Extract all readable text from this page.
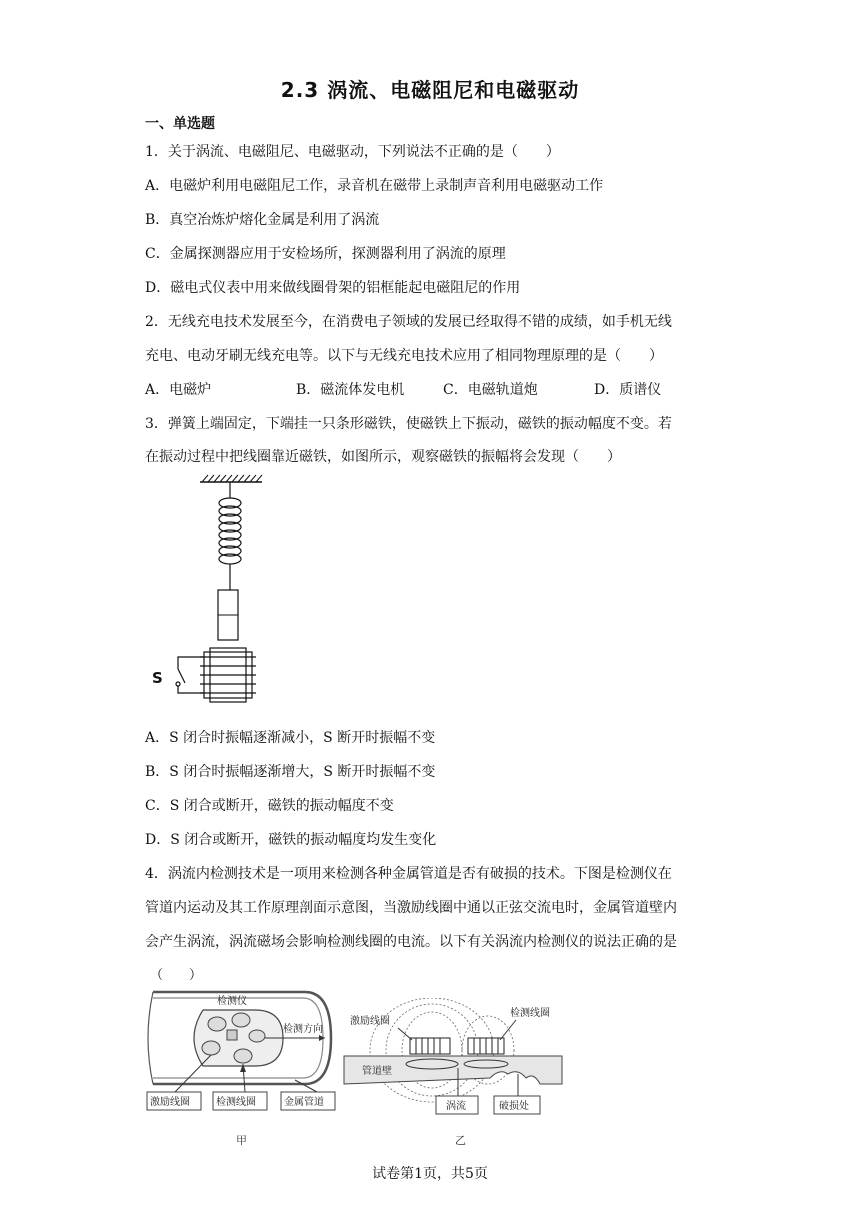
2.3 涡流、电磁阻尼和电磁驱动
一、单选题
1．关于涡流、电磁阻尼、电磁驱动，下列说法不正确的是（　　）
A．电磁炉利用电磁阻尼工作，录音机在磁带上录制声音利用电磁驱动工作
B．真空冶炼炉熔化金属是利用了涡流
C．金属探测器应用于安检场所，探测器利用了涡流的原理
D．磁电式仪表中用来做线圈骨架的铝框能起电磁阻尼的作用
2．无线充电技术发展至今，在消费电子领域的发展已经取得不错的成绩，如手机无线
充电、电动牙刷无线充电等。以下与无线充电技术应用了相同物理原理的是（　　）
A．电磁炉	B．磁流体发电机	C．电磁轨道炮	D．质谱仪
3．弹簧上端固定，下端挂一只条形磁铁，使磁铁上下振动，磁铁的振动幅度不变。若
在振动过程中把线圈靠近磁铁，如图所示，观察磁铁的振幅将会发现（　　）
S
A．S 闭合时振幅逐渐减小，S 断开时振幅不变
B．S 闭合时振幅逐渐增大，S 断开时振幅不变
C．S 闭合或断开，磁铁的振动幅度不变
D．S 闭合或断开，磁铁的振动幅度均发生变化
4．涡流内检测技术是一项用来检测各种金属管道是否有破损的技术。下图是检测仪在
管道内运动及其工作原理剖面示意图，当激励线圈中通以正弦交流电时，金属管道壁内
会产生涡流，涡流磁场会影响检测线圈的电流。以下有关涡流内检测仪的说法正确的是
（　　）
检测方向
检测仪
激励线圈	检测线圈	金属管道
甲
管道壁
激励线圈
检测线圈
涡流	破损处
乙
试卷第1页，共5页
